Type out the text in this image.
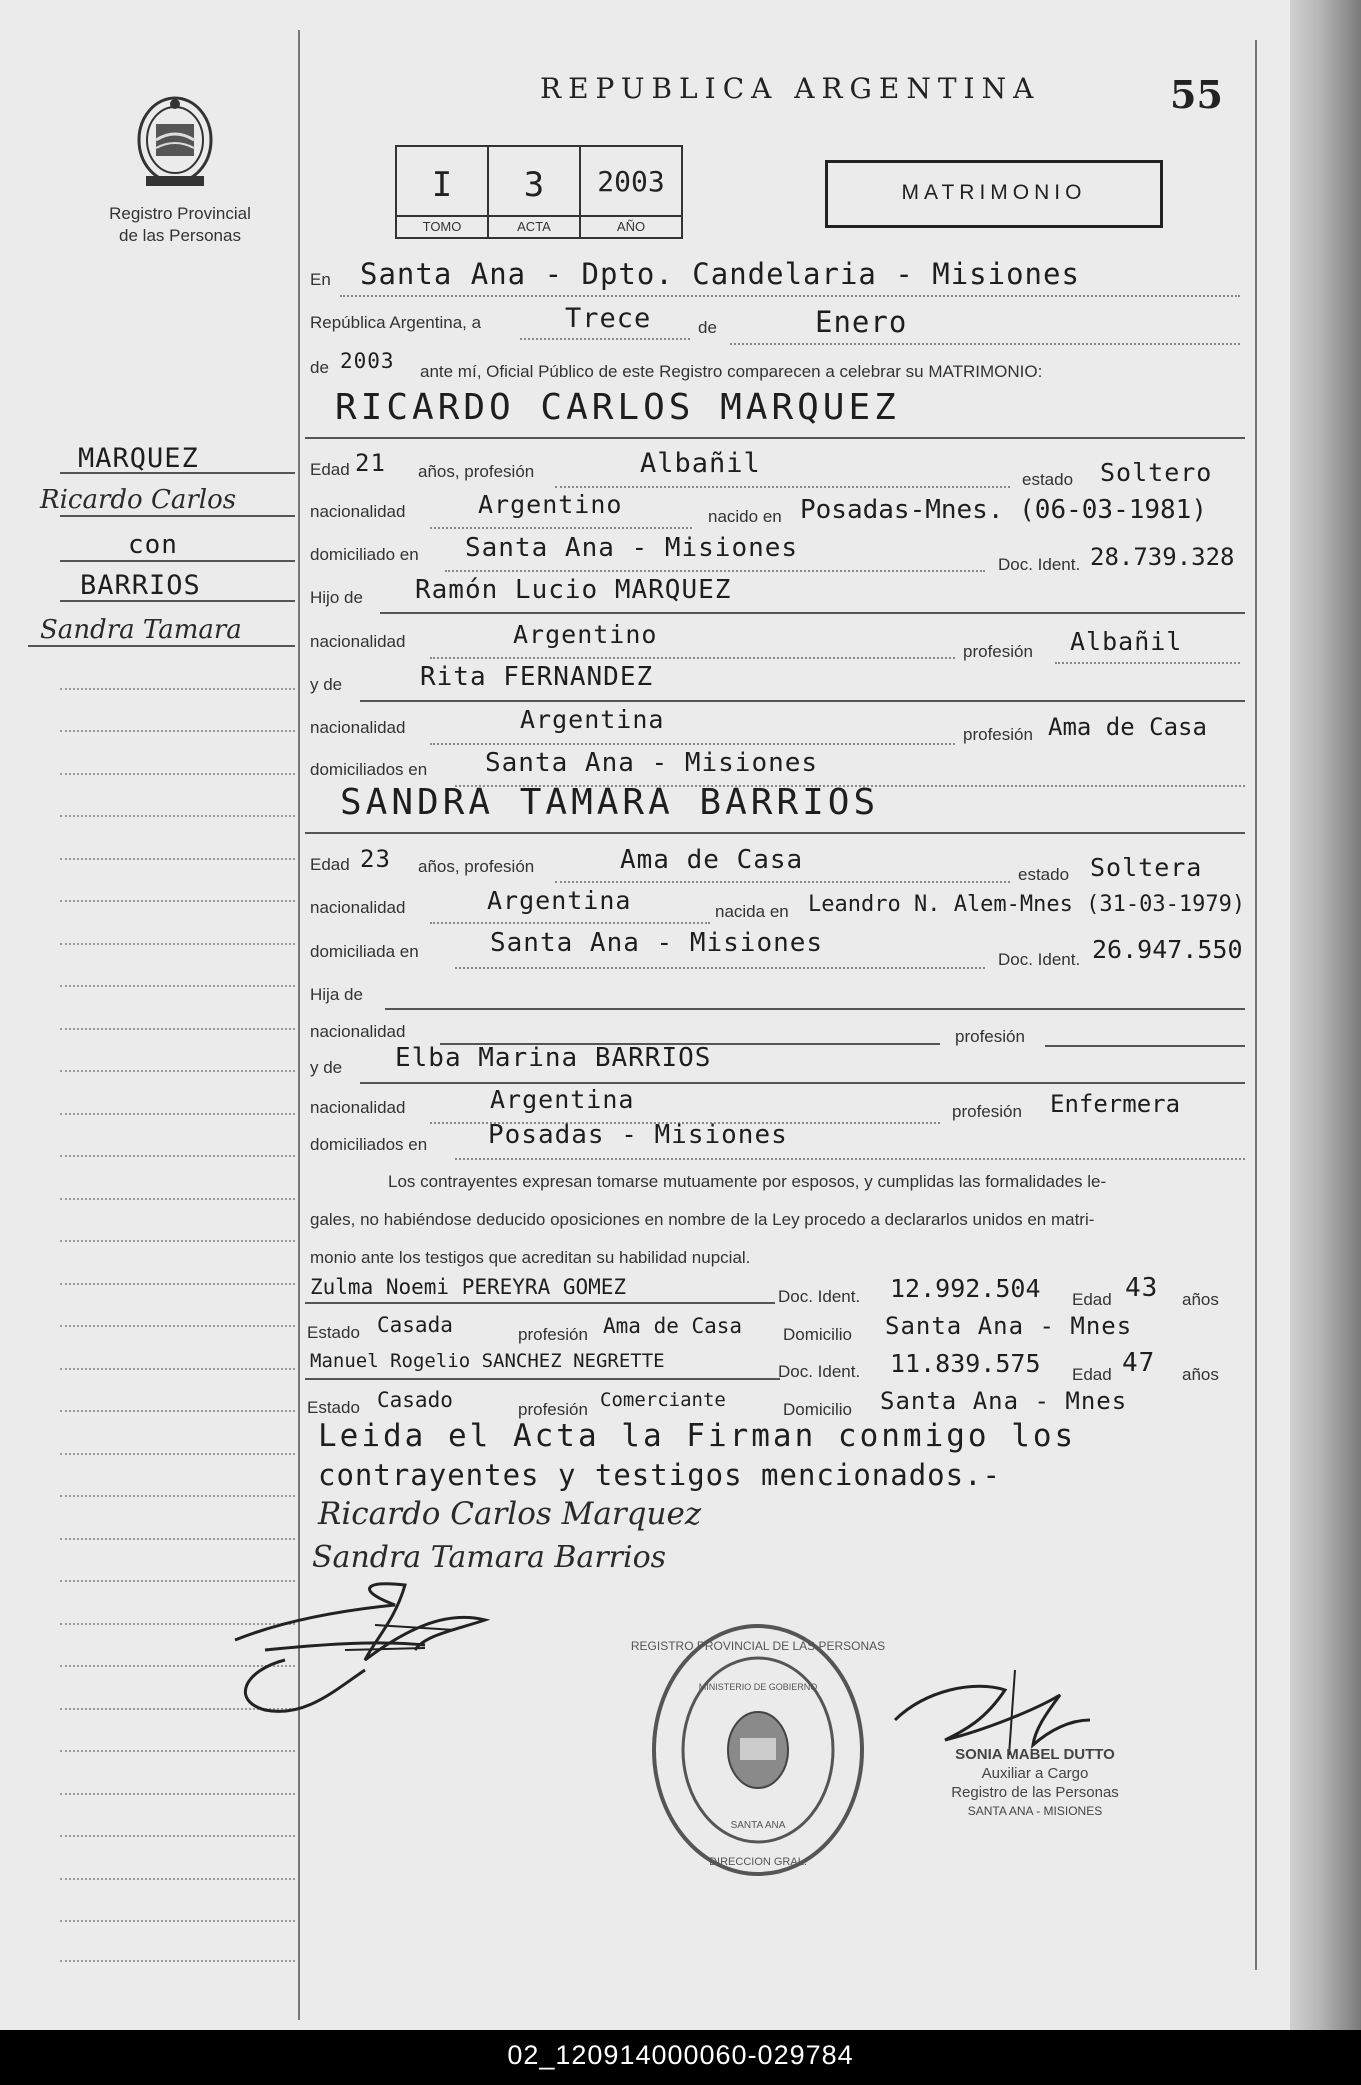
Registro Provincial
de las Personas
REPUBLICA ARGENTINA	55
I
TOMO
3
ACTA
2003
AÑO
MATRIMONIO
MARQUEZ
Ricardo Carlos
con
BARRIOS
Sandra Tamara
En Santa Ana - Dpto. Candelaria - Misiones
República Argentina, a	Trece	de	Enero
de 2003 ante mí, Oficial Público de este Registro comparecen a celebrar su MATRIMONIO:
RICARDO CARLOS MARQUEZ
Edad 21 años, profesión	Albañil
estado Soltero
nacionalidad	Argentino	nacido en Posadas-Mnes. (06-03-1981)
domiciliado en Santa Ana - Misiones
Doc. Ident. 28.739.328
Hijo de Ramón Lucio MARQUEZ
nacionalidad	Argentino
profesión Albañil
y de	Rita FERNANDEZ
nacionalidad	Argentina
profesión Ama de Casa
domiciliados en Santa Ana - Misiones
SANDRA TAMARA BARRIOS
Edad 23 años, profesión	Ama de Casa	estado Soltera
nacionalidad	Argentina	nacida en Leandro N. Alem-Mnes (31-03-1979)
domiciliada en	Santa Ana - Misiones
Doc. Ident. 26.947.550
Hija de
nacionalidad	profesión
y de Elba Marina BARRIOS
nacionalidad	Argentina	profesión Enfermera
domiciliados en Posadas - Misiones
Los contrayentes expresan tomarse mutuamente por esposos, y cumplidas las formalidades le-
gales, no habiéndose deducido oposiciones en nombre de la Ley procedo a declararlos unidos en matri-
monio ante los testigos que acreditan su habilidad nupcial.
Zulma Noemi PEREYRA GOMEZ	Doc. Ident. 12.992.504 Edad 43 años
Estado Casada	profesión Ama de Casa Domicilio Santa Ana - Mnes
Manuel Rogelio SANCHEZ NEGRETTE	Doc. Ident. 11.839.575 Edad 47 años
Estado Casado	profesión Comerciante	Domicilio Santa Ana - Mnes
Leida el Acta la Firman conmigo los
contrayentes y testigos mencionados.-
Ricardo Carlos Marquez
Sandra Tamara Barrios
REGISTRO PROVINCIAL DE LAS PERSONAS
MINISTERIO DE GOBIERNO
SANTA ANA
DIRECCION GRAL.
SONIA MABEL DUTTO
Auxiliar a Cargo
Registro de las Personas
SANTA ANA - MISIONES
02_120914000060-029784
